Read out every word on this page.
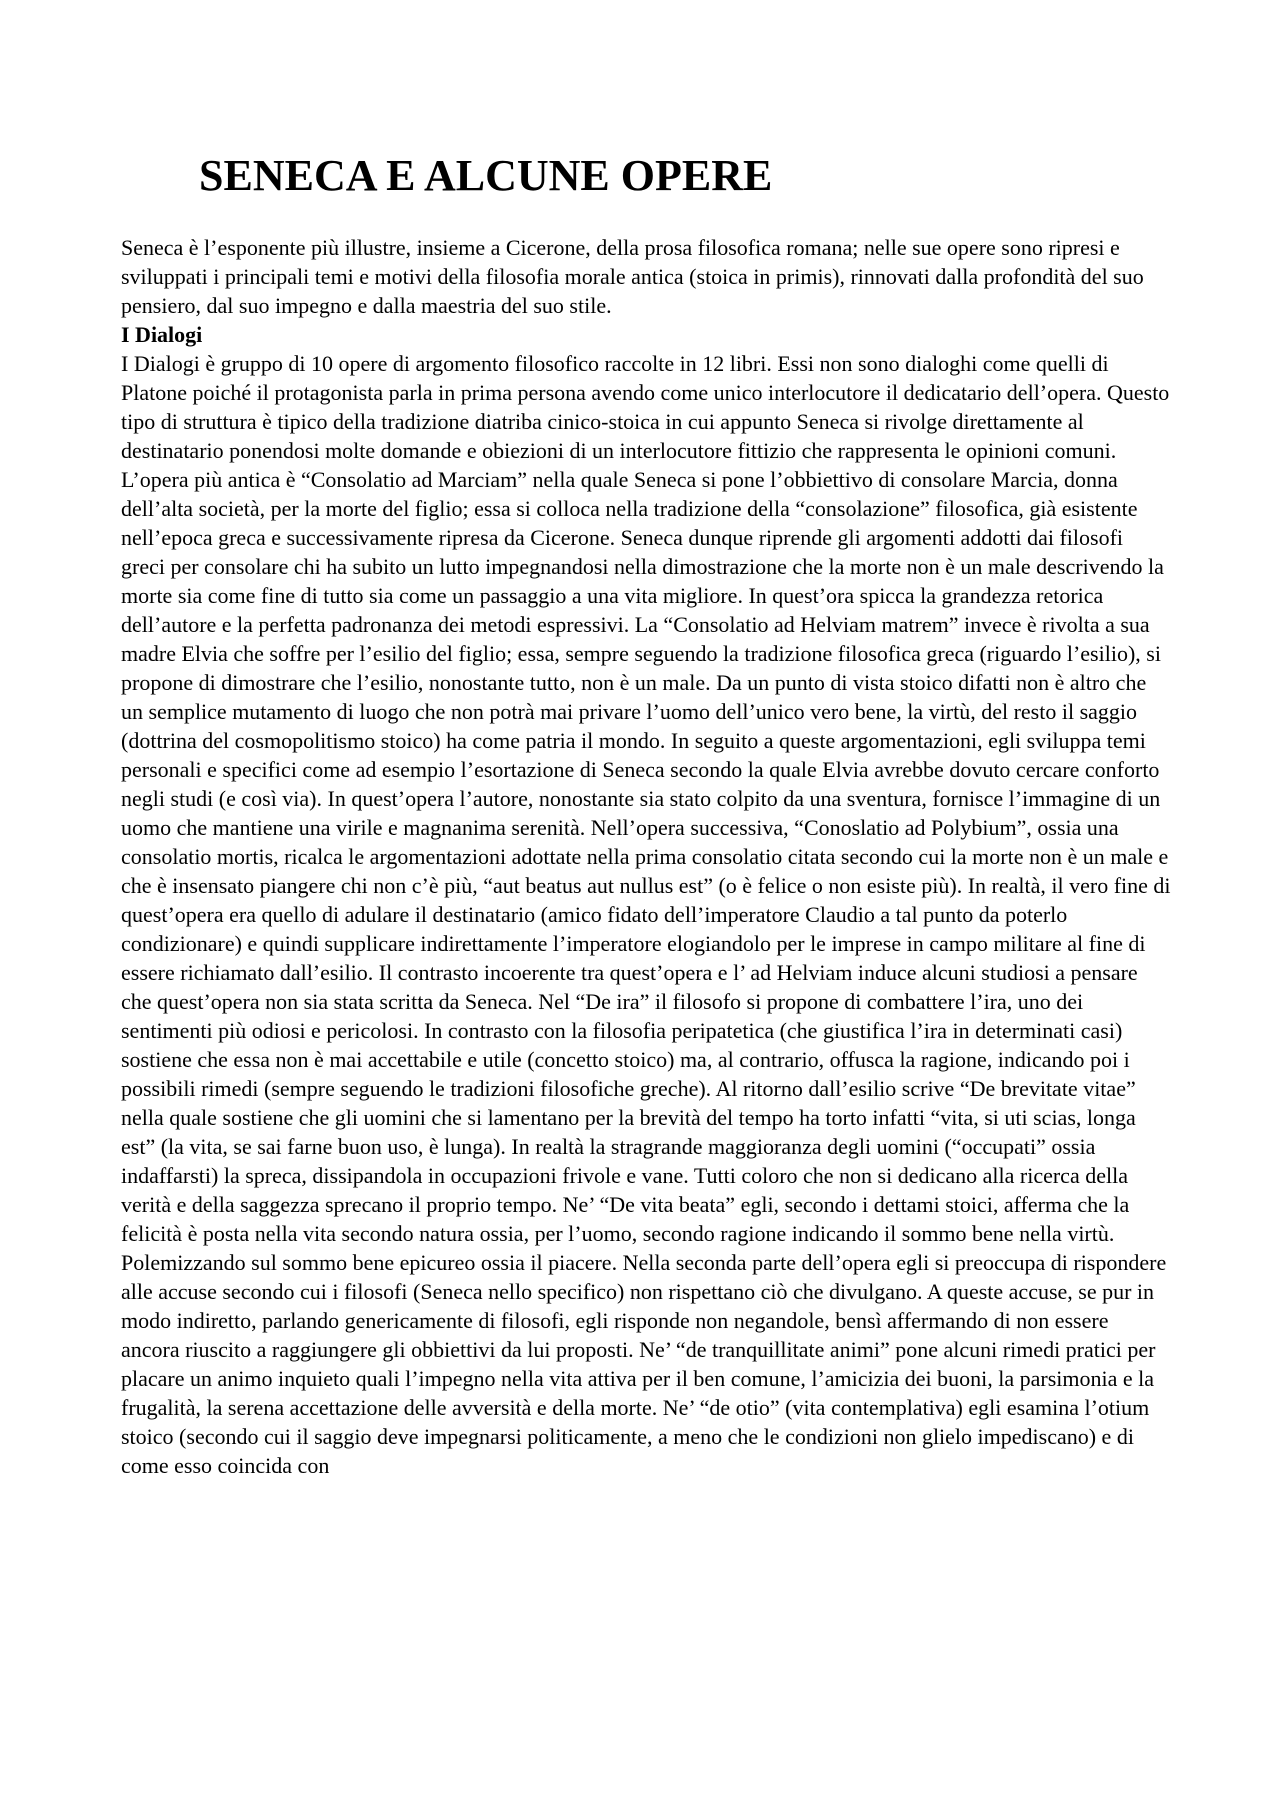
SENECA E ALCUNE OPERE

Seneca è l’esponente più illustre, insieme a Cicerone, della prosa filosofica romana; nelle sue opere sono ripresi e sviluppati i principali temi e motivi della filosofia morale antica (stoica in primis), rinnovati dalla profondità del suo pensiero, dal suo impegno e dalla maestria del suo stile.

I Dialogi

I Dialogi è gruppo di 10 opere di argomento filosofico raccolte in 12 libri. Essi non sono dialoghi come quelli di Platone poiché il protagonista parla in prima persona avendo come unico interlocutore il dedicatario dell’opera. Questo tipo di struttura è tipico della tradizione diatriba cinico-stoica in cui appunto Seneca si rivolge direttamente al destinatario ponendosi molte domande e obiezioni di un interlocutore fittizio che rappresenta le opinioni comuni. L’opera più antica è “Consolatio ad Marciam” nella quale Seneca si pone l’obbiettivo di consolare Marcia, donna dell’alta società, per la morte del figlio; essa si colloca nella tradizione della “consolazione” filosofica, già esistente nell’epoca greca e successivamente ripresa da Cicerone. Seneca dunque riprende gli argomenti addotti dai filosofi greci per consolare chi ha subito un lutto impegnandosi nella dimostrazione che la morte non è un male descrivendo la morte sia come fine di tutto sia come un passaggio a una vita migliore. In quest’ora spicca la grandezza retorica dell’autore e la perfetta padronanza dei metodi espressivi. La “Consolatio ad Helviam matrem” invece è rivolta a sua madre Elvia che soffre per l’esilio del figlio; essa, sempre seguendo la tradizione filosofica greca (riguardo l’esilio), si propone di dimostrare che l’esilio, nonostante tutto, non è un male. Da un punto di vista stoico difatti non è altro che un semplice mutamento di luogo che non potrà mai privare l’uomo dell’unico vero bene, la virtù, del resto il saggio (dottrina del cosmopolitismo stoico) ha come patria il mondo. In seguito a queste argomentazioni, egli sviluppa temi personali e specifici come ad esempio l’esortazione di Seneca secondo la quale Elvia avrebbe dovuto cercare conforto negli studi (e così via). In quest’opera l’autore, nonostante sia stato colpito da una sventura, fornisce l’immagine di un uomo che mantiene una virile e magnanima serenità. Nell’opera successiva, “Conoslatio ad Polybium”, ossia una consolatio mortis, ricalca le argomentazioni adottate nella prima consolatio citata secondo cui la morte non è un male e che è insensato piangere chi non c’è più, “aut beatus aut nullus est” (o è felice o non esiste più). In realtà, il vero fine di quest’opera era quello di adulare il destinatario (amico fidato dell’imperatore Claudio a tal punto da poterlo condizionare) e quindi supplicare indirettamente l’imperatore elogiandolo per le imprese in campo militare al fine di essere richiamato dall’esilio. Il contrasto incoerente tra quest’opera e l’ ad Helviam induce alcuni studiosi a pensare che quest’opera non sia stata scritta da Seneca. Nel “De ira” il filosofo si propone di combattere l’ira, uno dei sentimenti più odiosi e pericolosi. In contrasto con la filosofia peripatetica (che giustifica l’ira in determinati casi) sostiene che essa non è mai accettabile e utile (concetto stoico) ma, al contrario, offusca la ragione, indicando poi i possibili rimedi (sempre seguendo le tradizioni filosofiche greche). Al ritorno dall’esilio scrive “De brevitate vitae” nella quale sostiene che gli uomini che si lamentano per la brevità del tempo ha torto infatti “vita, si uti scias, longa est” (la vita, se sai farne buon uso, è lunga). In realtà la stragrande maggioranza degli uomini (“occupati” ossia indaffarsti) la spreca, dissipandola in occupazioni frivole e vane. Tutti coloro che non si dedicano alla ricerca della verità e della saggezza sprecano il proprio tempo. Ne’ “De vita beata” egli, secondo i dettami stoici, afferma che la felicità è posta nella vita secondo natura ossia, per l’uomo, secondo ragione indicando il sommo bene nella virtù. Polemizzando sul sommo bene epicureo ossia il piacere. Nella seconda parte dell’opera egli si preoccupa di rispondere alle accuse secondo cui i filosofi (Seneca nello specifico) non rispettano ciò che divulgano. A queste accuse, se pur in modo indiretto, parlando genericamente di filosofi, egli risponde non negandole, bensì affermando di non essere ancora riuscito a raggiungere gli obbiettivi da lui proposti. Ne’ “de tranquillitate animi” pone alcuni rimedi pratici per placare un animo inquieto quali l’impegno nella vita attiva per il ben comune, l’amicizia dei buoni, la parsimonia e la frugalità, la serena accettazione delle avversità e della morte. Ne’ “de otio” (vita contemplativa) egli esamina l’otium stoico (secondo cui il saggio deve impegnarsi politicamente, a meno che le condizioni non glielo impediscano) e di come esso coincida con
